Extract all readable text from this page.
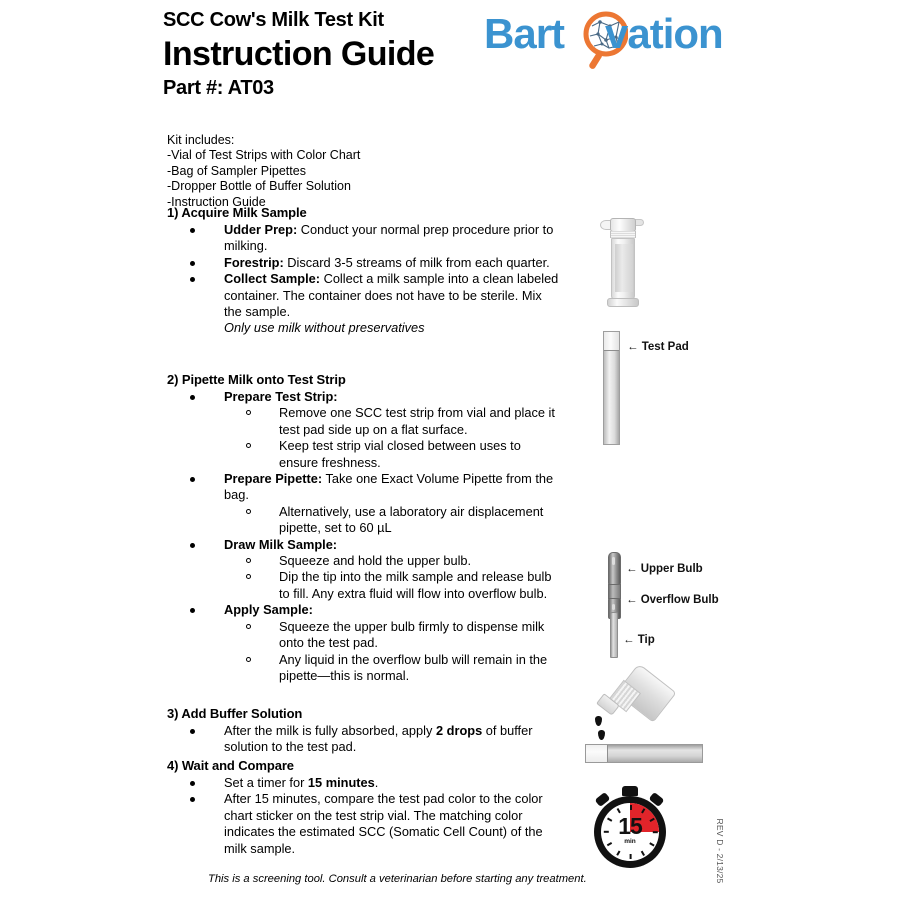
SCC Cow's Milk Test Kit
Instruction Guide
Part #: AT03
Bart vation
Kit includes:
-Vial of Test Strips with Color Chart
-Bag of Sampler Pipettes
-Dropper Bottle of Buffer Solution
-Instruction Guide
1) Acquire Milk Sample
Udder Prep: Conduct your normal prep procedure prior to milking.
Forestrip: Discard 3-5 streams of milk from each quarter.
Collect Sample: Collect a milk sample into a clean labeled container. The container does not have to be sterile. Mix the sample.
Only use milk without preservatives
2) Pipette Milk onto Test Strip
Prepare Test Strip:
Remove one SCC test strip from vial and place it test pad side up on a flat surface.
Keep test strip vial closed between uses to ensure freshness.
Prepare Pipette: Take one Exact Volume Pipette from the bag.
Alternatively, use a laboratory air displacement pipette, set to 60 µL
Draw Milk Sample:
Squeeze and hold the upper bulb.
Dip the tip into the milk sample and release bulb to fill. Any extra fluid will flow into overflow bulb.
Apply Sample:
Squeeze the upper bulb firmly to dispense milk onto the test pad.
Any liquid in the overflow bulb will remain in the pipette—this is normal.
3) Add Buffer Solution
After the milk is fully absorbed, apply 2 drops of buffer solution to the test pad.
4) Wait and Compare
Set a timer for 15 minutes.
After 15 minutes, compare the test pad color to the color chart sticker on the test strip vial. The matching color indicates the estimated SCC (Somatic Cell Count) of the milk sample.
This is a screening tool. Consult a veterinarian before starting any treatment.	REV D - 2/13/25
← Test Pad
← Upper Bulb
← Overflow Bulb
← Tip
15
min
